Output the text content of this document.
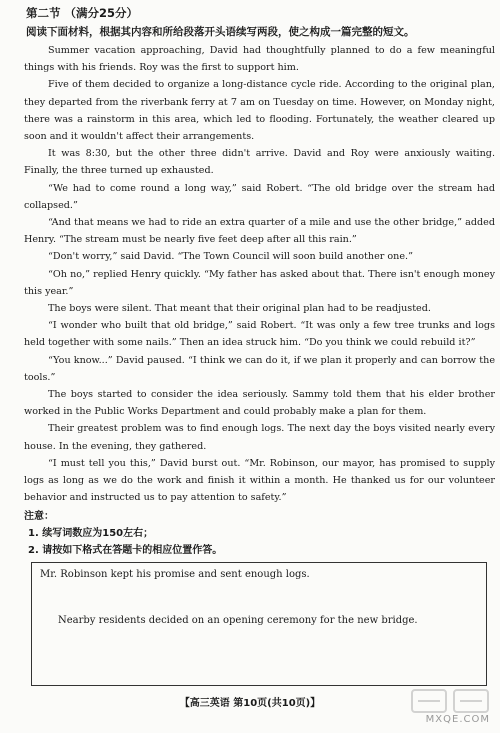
第二节 （满分25分）
阅读下面材料，根据其内容和所给段落开头语续写两段，使之构成一篇完整的短文。

Summer vacation approaching, David had thoughtfully planned to do a few meaningful things with his friends. Roy was the first to support him.

Five of them decided to organize a long-distance cycle ride. According to the original plan, they departed from the riverbank ferry at 7 am on Tuesday on time. However, on Monday night, there was a rainstorm in this area, which led to flooding. Fortunately, the weather cleared up soon and it wouldn't affect their arrangements.

It was 8:30, but the other three didn't arrive. David and Roy were anxiously waiting. Finally, the three turned up exhausted.

“We had to come round a long way,” said Robert. “The old bridge over the stream had collapsed.”

“And that means we had to ride an extra quarter of a mile and use the other bridge,” added Henry. “The stream must be nearly five feet deep after all this rain.”

“Don't worry,” said David. “The Town Council will soon build another one.”

“Oh no,” replied Henry quickly. “My father has asked about that. There isn't enough money this year.”

The boys were silent. That meant that their original plan had to be readjusted.

“I wonder who built that old bridge,” said Robert. “It was only a few tree trunks and logs held together with some nails.” Then an idea struck him. “Do you think we could rebuild it?”

“You know...” David paused. “I think we can do it, if we plan it properly and can borrow the tools.”

The boys started to consider the idea seriously. Sammy told them that his elder brother worked in the Public Works Department and could probably make a plan for them.

Their greatest problem was to find enough logs. The next day the boys visited nearly every house. In the evening, they gathered.

“I must tell you this,” David burst out. “Mr. Robinson, our mayor, has promised to supply logs as long as we do the work and finish it within a month. He thanked us for our volunteer behavior and instructed us to pay attention to safety.”

注意：
1. 续写词数应为150左右；
2. 请按如下格式在答题卡的相应位置作答。
Mr. Robinson kept his promise and sent enough logs.
Nearby residents decided on an opening ceremony for the new bridge.
【高三英语 第10页(共10页)】
MXQE.COM
